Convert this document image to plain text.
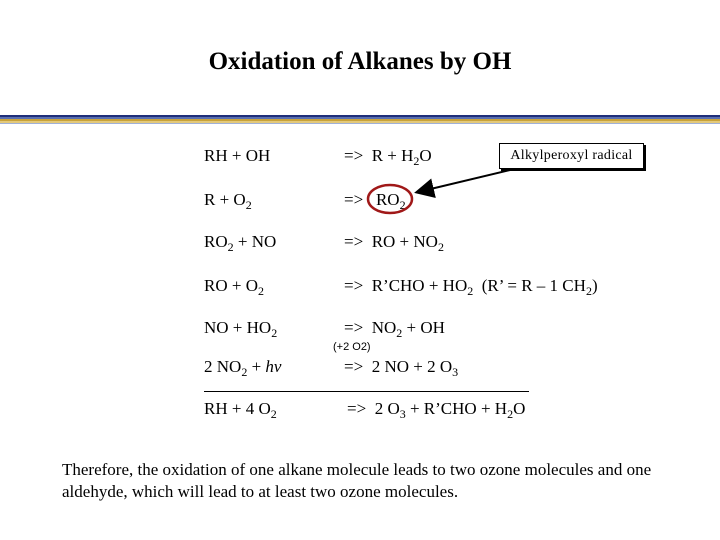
Oxidation of Alkanes by OH
RH + OH	=> $R + H_2O$
$R + O_2$	=> $RO_2$
$RO_2$ + NO	=> RO + $NO_2$
RO + $O_2$	=> R’CHO + $HO_2$  (R’ = R – 1 $CH_2$)
NO + $HO_2$	=>  $NO_2$ + OH
(+2 O2)
2 $NO_2$ + hv	=>  2 NO + 2 $O_3$
RH + 4 $O_2$	=>  2 $O_3$ + R’CHO + $H_2O$
Alkylperoxyl radical
Therefore, the oxidation of one alkane molecule leads to two ozone molecules and one aldehyde, which will lead to at least two ozone molecules.
